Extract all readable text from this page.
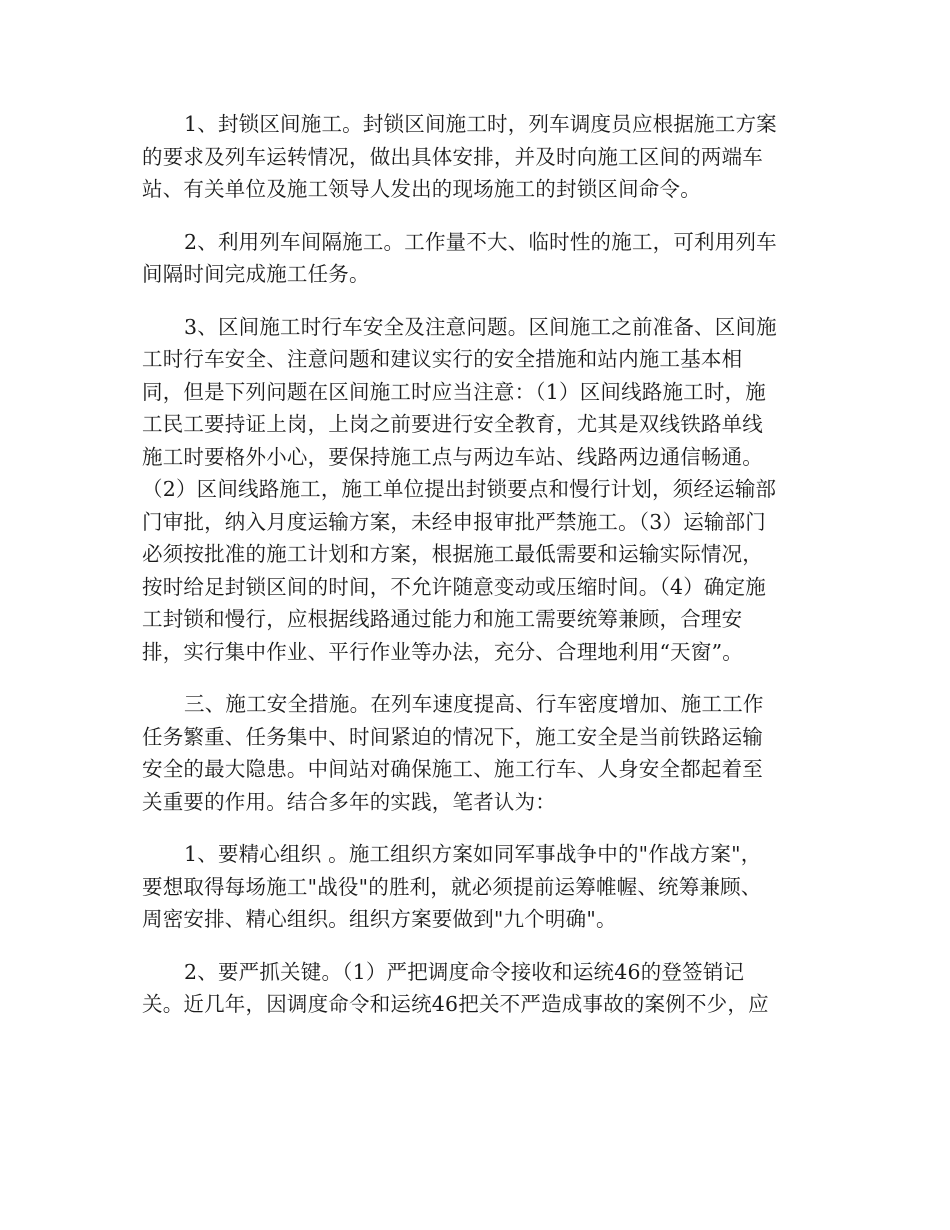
1、封锁区间施工。封锁区间施工时，列车调度员应根据施工方案
的要求及列车运转情况，做出具体安排，并及时向施工区间的两端车
站、有关单位及施工领导人发出的现场施工的封锁区间命令。
2、利用列车间隔施工。工作量不大、临时性的施工，可利用列车
间隔时间完成施工任务。
3、区间施工时行车安全及注意问题。区间施工之前准备、区间施
工时行车安全、注意问题和建议实行的安全措施和站内施工基本相
同，但是下列问题在区间施工时应当注意：（1）区间线路施工时，施
工民工要持证上岗，上岗之前要进行安全教育，尤其是双线铁路单线
施工时要格外小心，要保持施工点与两边车站、线路两边通信畅通。
（2）区间线路施工，施工单位提出封锁要点和慢行计划，须经运输部
门审批，纳入月度运输方案，未经申报审批严禁施工。（3）运输部门
必须按批准的施工计划和方案，根据施工最低需要和运输实际情况，
按时给足封锁区间的时间，不允许随意变动或压缩时间。（4）确定施
工封锁和慢行，应根据线路通过能力和施工需要统筹兼顾，合理安
排，实行集中作业、平行作业等办法，充分、合理地利用“天窗”。
三、施工安全措施。在列车速度提高、行车密度增加、施工工作
任务繁重、任务集中、时间紧迫的情况下，施工安全是当前铁路运输
安全的最大隐患。中间站对确保施工、施工行车、人身安全都起着至
关重要的作用。结合多年的实践，笔者认为：
1、要精心组织 。施工组织方案如同军事战争中的"作战方案"，
要想取得每场施工"战役"的胜利，就必须提前运筹帷幄、统筹兼顾、
周密安排、精心组织。组织方案要做到"九个明确"。
2、要严抓关键。（1）严把调度命令接收和运统46的登签销记
关。近几年，因调度命令和运统46把关不严造成事故的案例不少，应
